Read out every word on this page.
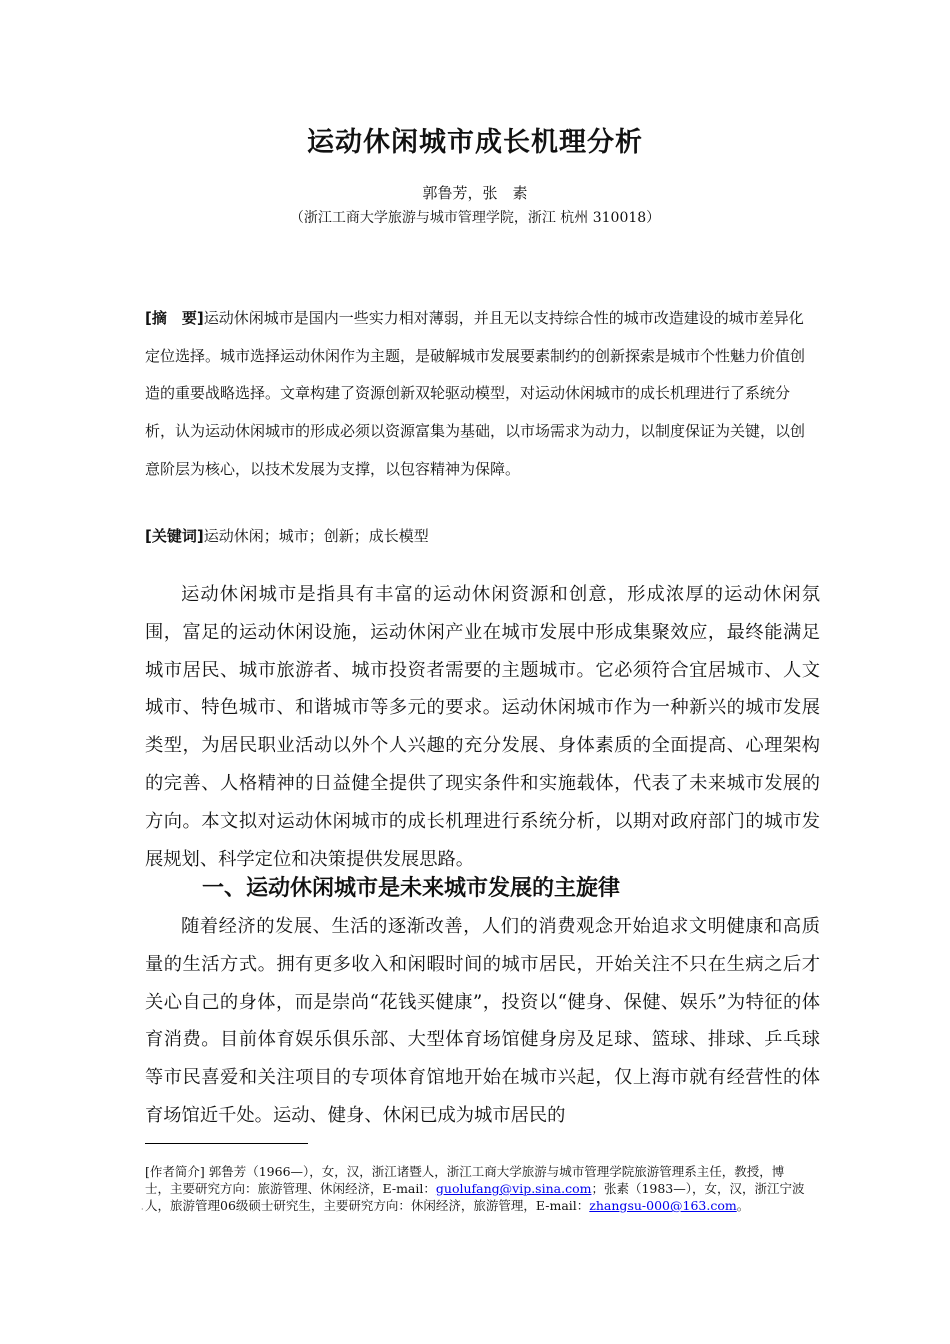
运动休闲城市成长机理分析
郭鲁芳，张　素
（浙江工商大学旅游与城市管理学院，浙江 杭州 310018）
[摘　要]运动休闲城市是国内一些实力相对薄弱，并且无以支持综合性的城市改造建设的城市差异化定位选择。城市选择运动休闲作为主题，是破解城市发展要素制约的创新探索是城市个性魅力价值创造的重要战略选择。文章构建了资源创新双轮驱动模型，对运动休闲城市的成长机理进行了系统分析，认为运动休闲城市的形成必须以资源富集为基础，以市场需求为动力，以制度保证为关键，以创意阶层为核心，以技术发展为支撑，以包容精神为保障。
[关键词]运动休闲；城市；创新；成长模型

运动休闲城市是指具有丰富的运动休闲资源和创意，形成浓厚的运动休闲氛围，富足的运动休闲设施，运动休闲产业在城市发展中形成集聚效应，最终能满足城市居民、城市旅游者、城市投资者需要的主题城市。它必须符合宜居城市、人文城市、特色城市、和谐城市等多元的要求。运动休闲城市作为一种新兴的城市发展类型，为居民职业活动以外个人兴趣的充分发展、身体素质的全面提高、心理架构的完善、人格精神的日益健全提供了现实条件和实施载体，代表了未来城市发展的方向。本文拟对运动休闲城市的成长机理进行系统分析，以期对政府部门的城市发展规划、科学定位和决策提供发展思路。

一、运动休闲城市是未来城市发展的主旋律

随着经济的发展、生活的逐渐改善，人们的消费观念开始追求文明健康和高质量的生活方式。拥有更多收入和闲暇时间的城市居民，开始关注不只在生病之后才关心自己的身体，而是崇尚“花钱买健康”，投资以“健身、保健、娱乐”为特征的体育消费。目前体育娱乐俱乐部、大型体育场馆健身房及足球、篮球、排球、乒乓球等市民喜爱和关注项目的专项体育馆地开始在城市兴起，仅上海市就有经营性的体育场馆近千处。运动、健身、休闲已成为城市居民的

·
[作者简介] 郭鲁芳（1966—），女，汉，浙江诸暨人，浙江工商大学旅游与城市管理学院旅游管理系主任，教授，博士，主要研究方向：旅游管理、休闲经济，E-mail：guolufang@vip.sina.com；张素（1983—），女，汉，浙江宁波人，旅游管理06级硕士研究生，主要研究方向：休闲经济，旅游管理，E-mail：zhangsu-000@163.com。
